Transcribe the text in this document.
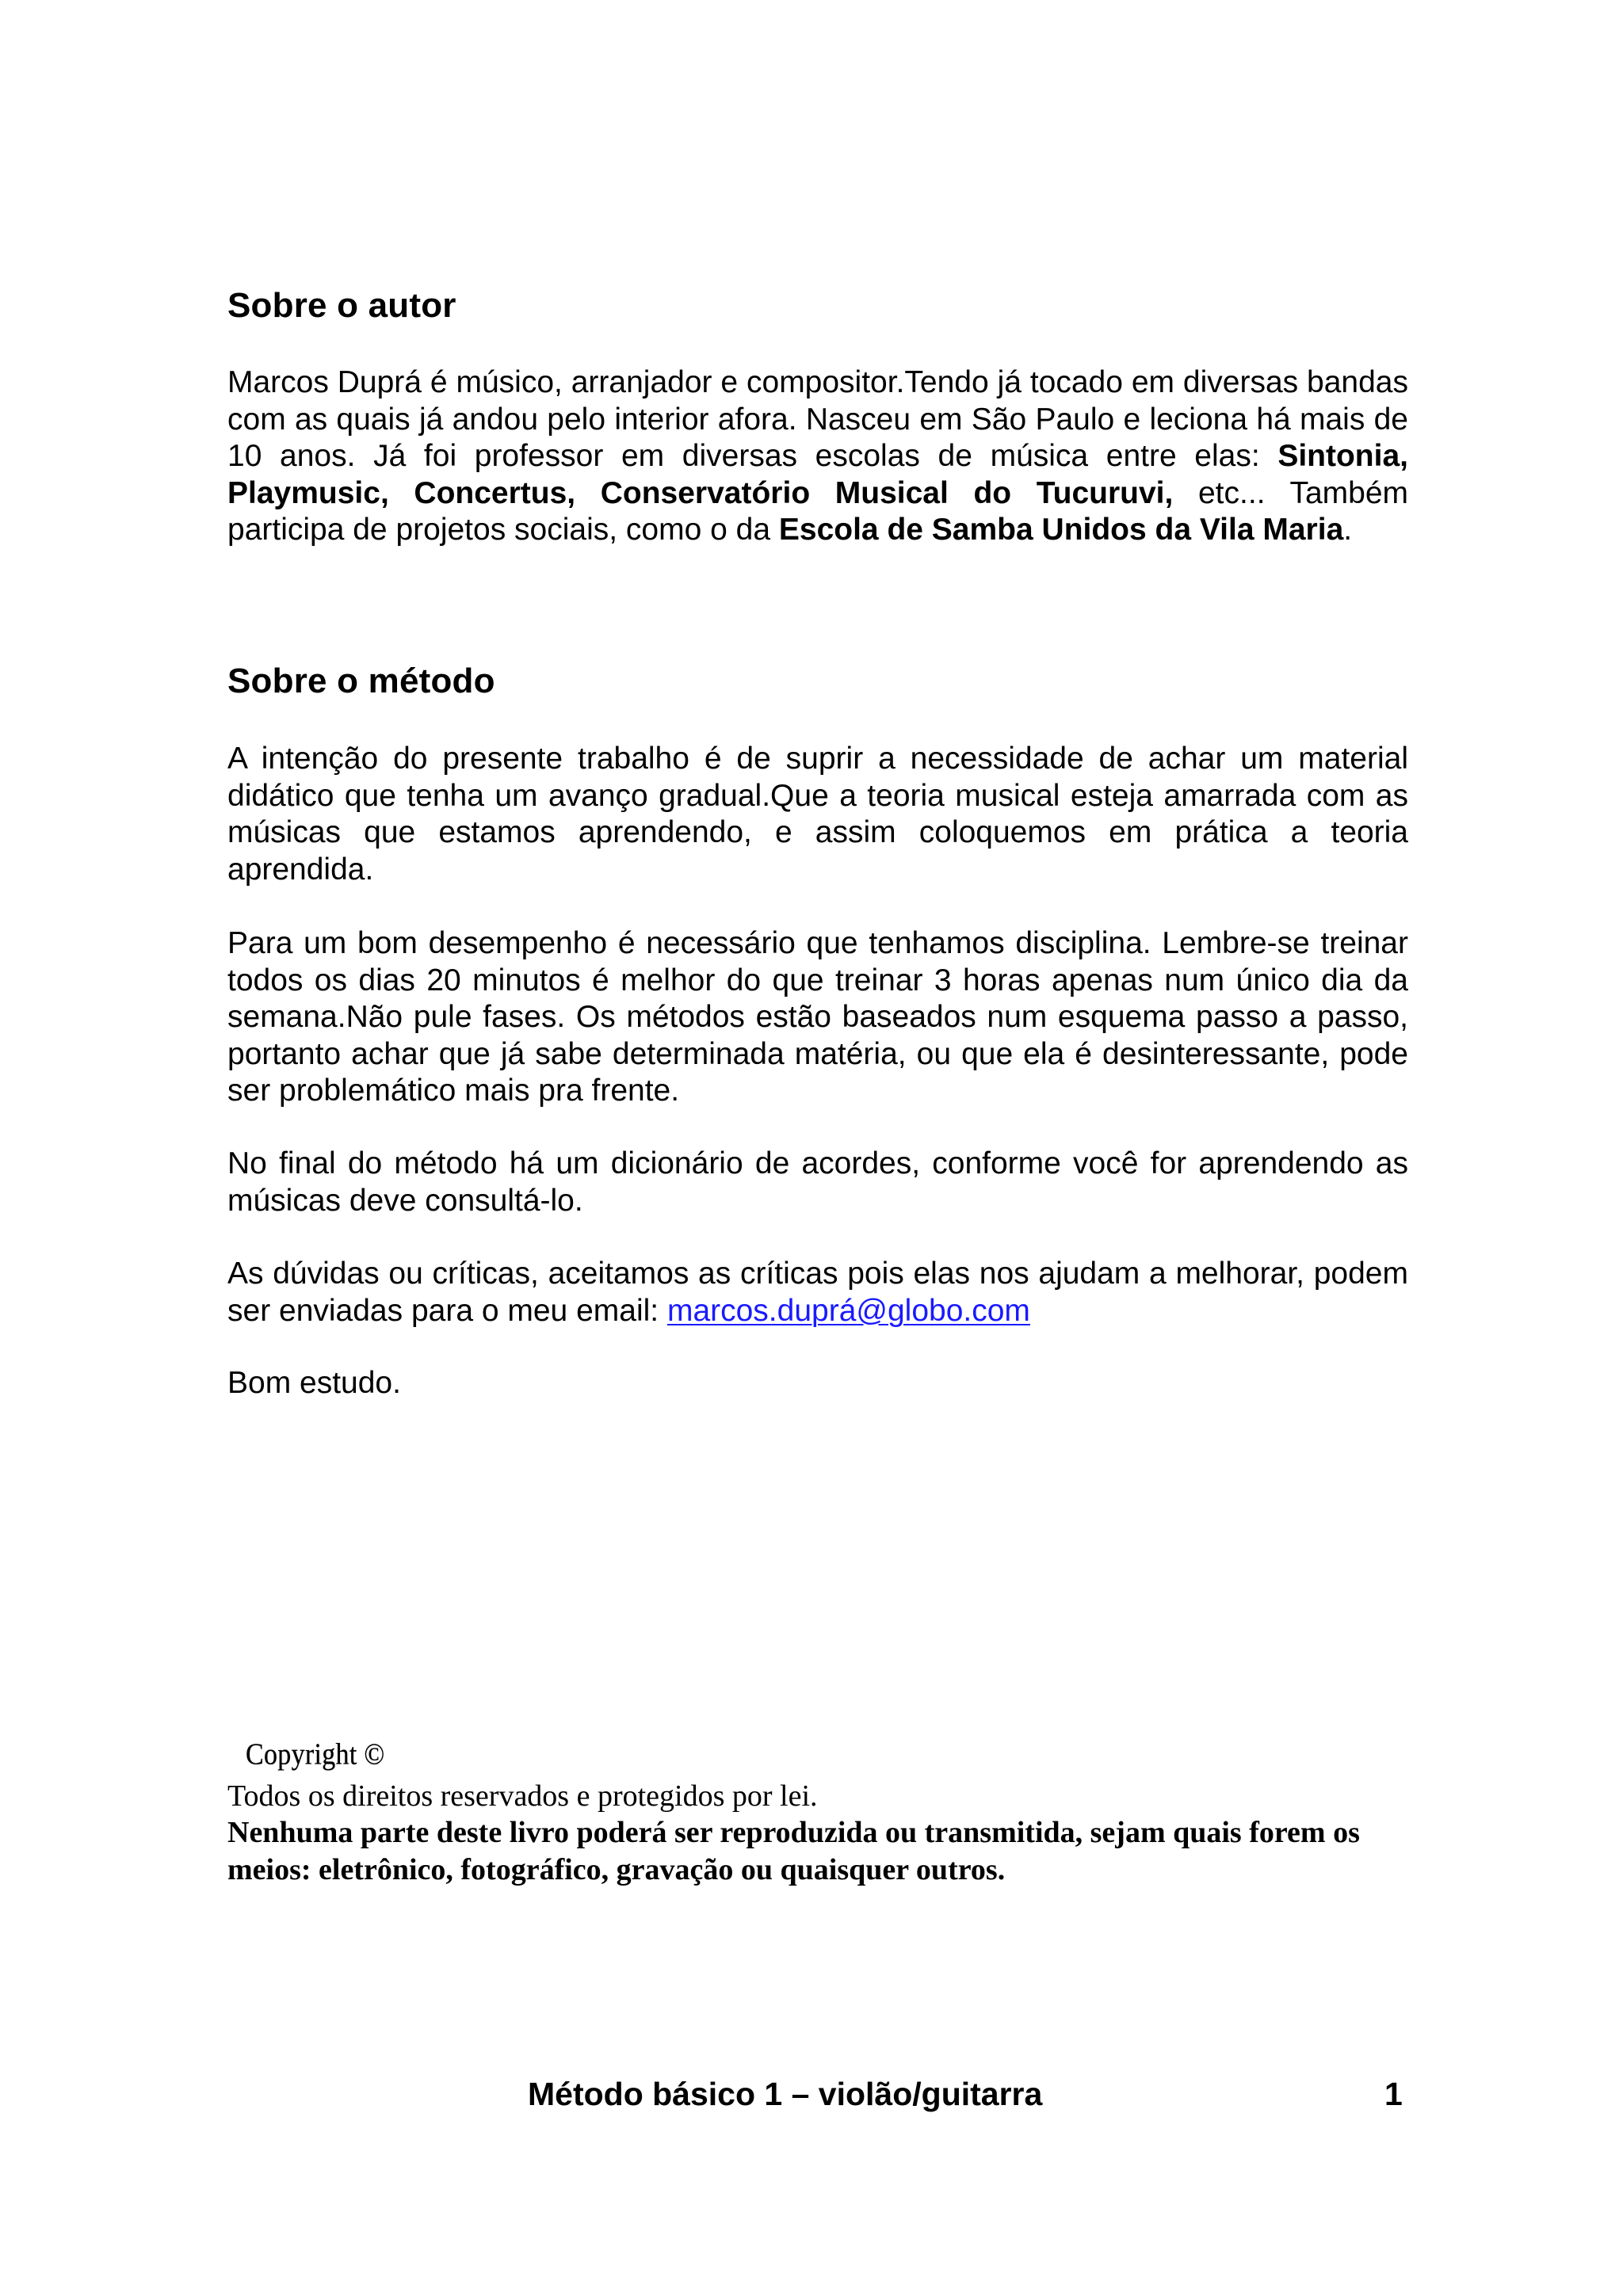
Sobre o autor

Marcos Duprá é músico, arranjador e compositor.Tendo já tocado em diversas bandas com as quais já andou pelo interior afora. Nasceu em São Paulo e leciona há mais de 10 anos. Já foi professor em diversas escolas de música entre elas: Sintonia, Playmusic, Concertus, Conservatório Musical do Tucuruvi, etc... Também participa de projetos sociais, como o da Escola de Samba Unidos da Vila Maria.

Sobre o método

A intenção do presente trabalho é de suprir a necessidade de achar um material didático que tenha um avanço gradual.Que a teoria musical esteja amarrada com as músicas que estamos aprendendo, e assim coloquemos em prática a teoria aprendida.

Para um bom desempenho é necessário que tenhamos disciplina. Lembre-se treinar todos os dias 20 minutos é melhor do que treinar 3 horas apenas num único dia da semana.Não pule fases. Os métodos estão baseados num esquema passo a passo, portanto achar que já sabe determinada matéria, ou que ela é desinteressante, pode ser problemático mais pra frente.

No final do método há um dicionário de acordes, conforme você for aprendendo as músicas deve consultá-lo.

As dúvidas ou críticas, aceitamos as críticas pois elas nos ajudam a melhorar, podem ser enviadas para o meu email: marcos.duprá@globo.com

Bom estudo.

Copyright ©

Todos os direitos reservados e protegidos por lei.

Nenhuma parte deste livro poderá ser reproduzida ou transmitida, sejam quais forem os meios: eletrônico, fotográfico, gravação ou quaisquer outros.

Método básico 1 – violão/guitarra	1
